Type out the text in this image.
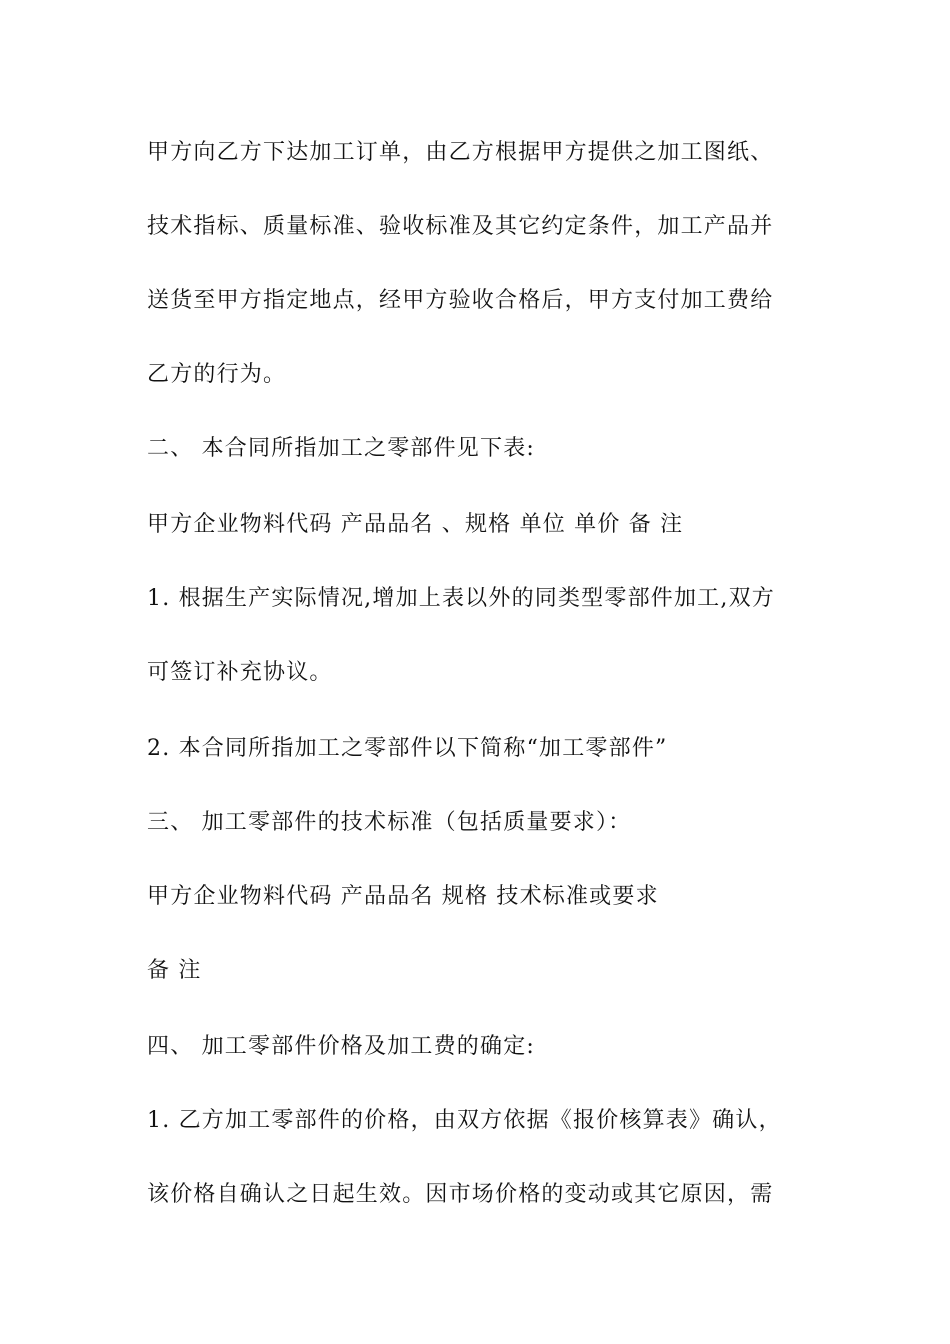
甲方向乙方下达加工订单，由乙方根据甲方提供之加工图纸、
技术指标、质量标准、验收标准及其它约定条件，加工产品并
送货至甲方指定地点，经甲方验收合格后，甲方支付加工费给
乙方的行为。
二、 本合同所指加工之零部件见下表:
甲方企业物料代码 产品品名 、规格 单位 单价 备 注
1. 根据生产实际情况,增加上表以外的同类型零部件加工,双方
可签订补充协议。
2. 本合同所指加工之零部件以下简称“加工零部件”
三、 加工零部件的技术标准（包括质量要求）：
甲方企业物料代码 产品品名 规格 技术标准或要求
备 注
四、 加工零部件价格及加工费的确定:
1. 乙方加工零部件的价格，由双方依据《报价核算表》确认，
该价格自确认之日起生效。因市场价格的变动或其它原因，需
